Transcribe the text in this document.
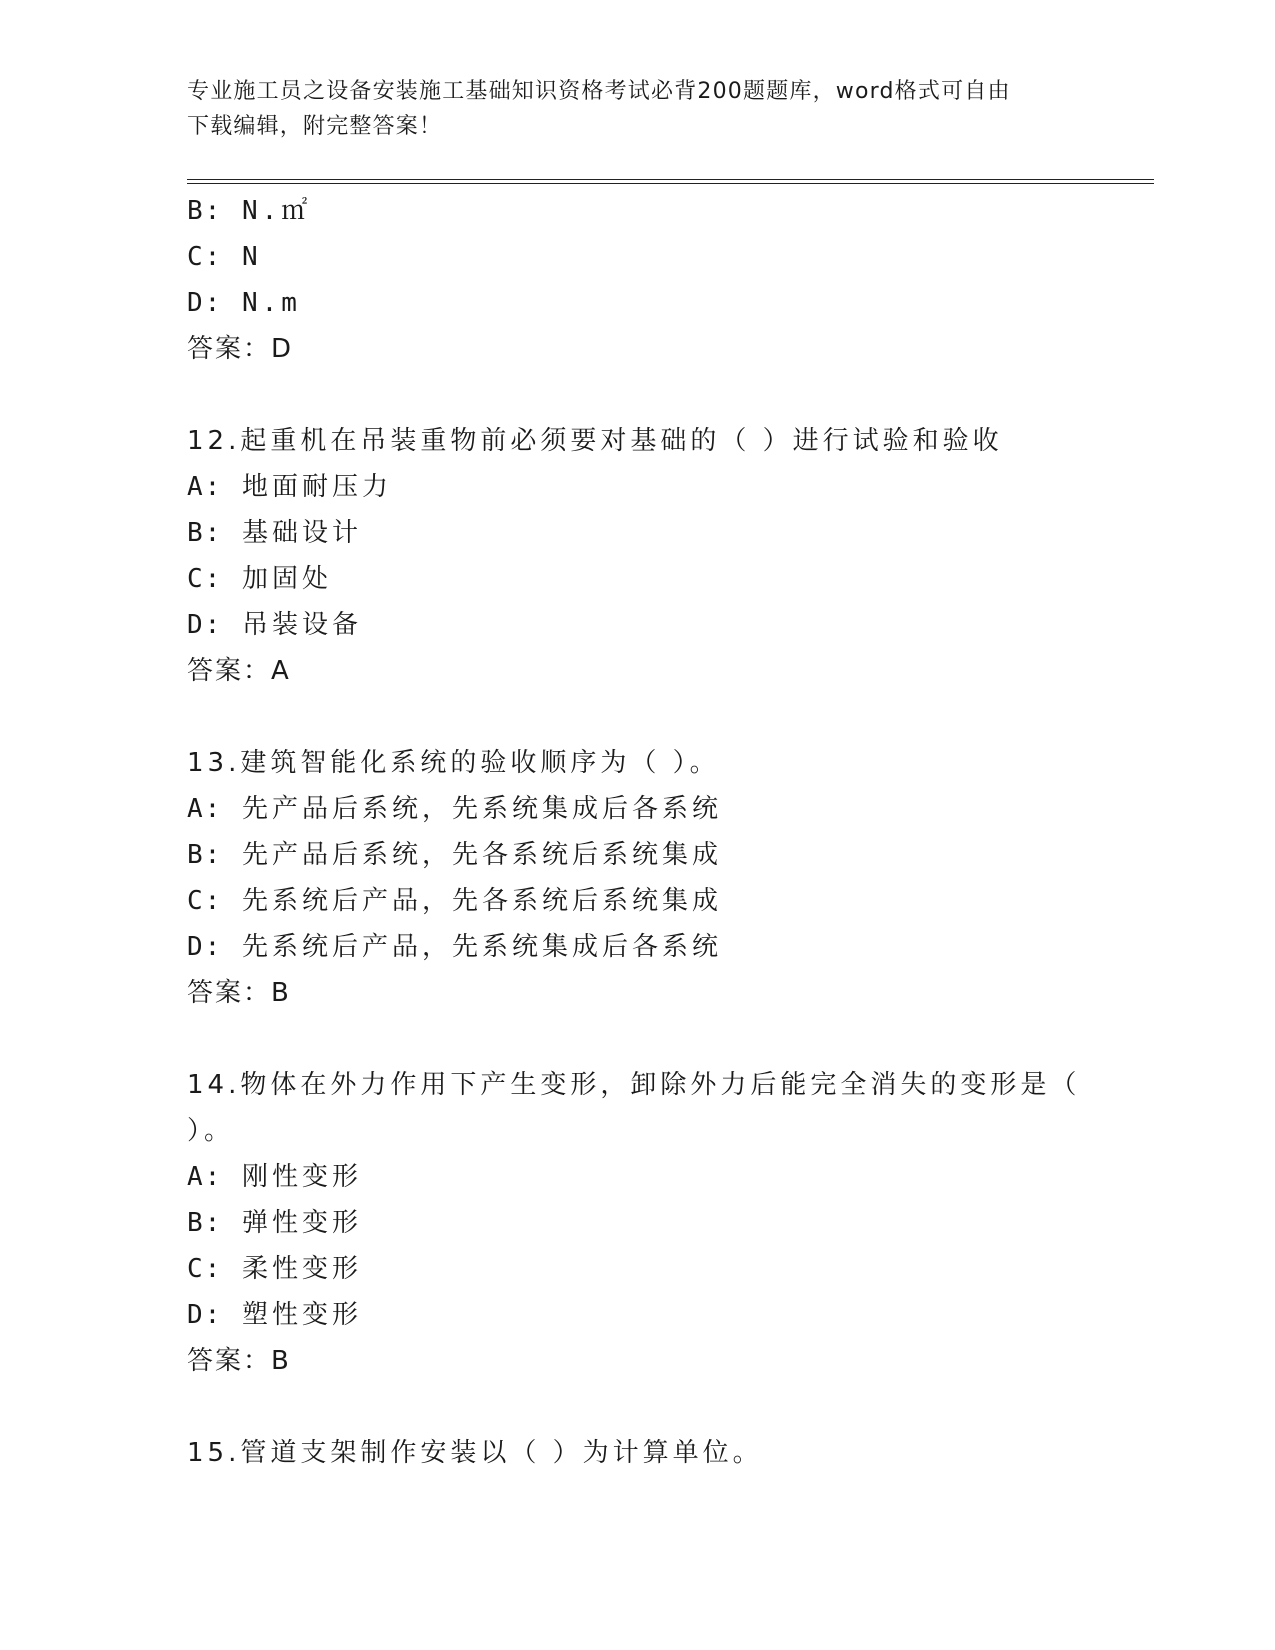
专业施工员之设备安装施工基础知识资格考试必背200题题库，word格式可自由
下载编辑，附完整答案！
B: N.㎡
C: N
D: N.m
答案：D
12.起重机在吊装重物前必须要对基础的（ ）进行试验和验收
A: 地面耐压力
B: 基础设计
C: 加固处
D: 吊装设备
答案：A
13.建筑智能化系统的验收顺序为（ ）。
A: 先产品后系统，先系统集成后各系统
B: 先产品后系统，先各系统后系统集成
C: 先系统后产品，先各系统后系统集成
D: 先系统后产品，先系统集成后各系统
答案：B
14.物体在外力作用下产生变形，卸除外力后能完全消失的变形是（
）。
A: 刚性变形
B: 弹性变形
C: 柔性变形
D: 塑性变形
答案：B
15.管道支架制作安装以（ ）为计算单位。
